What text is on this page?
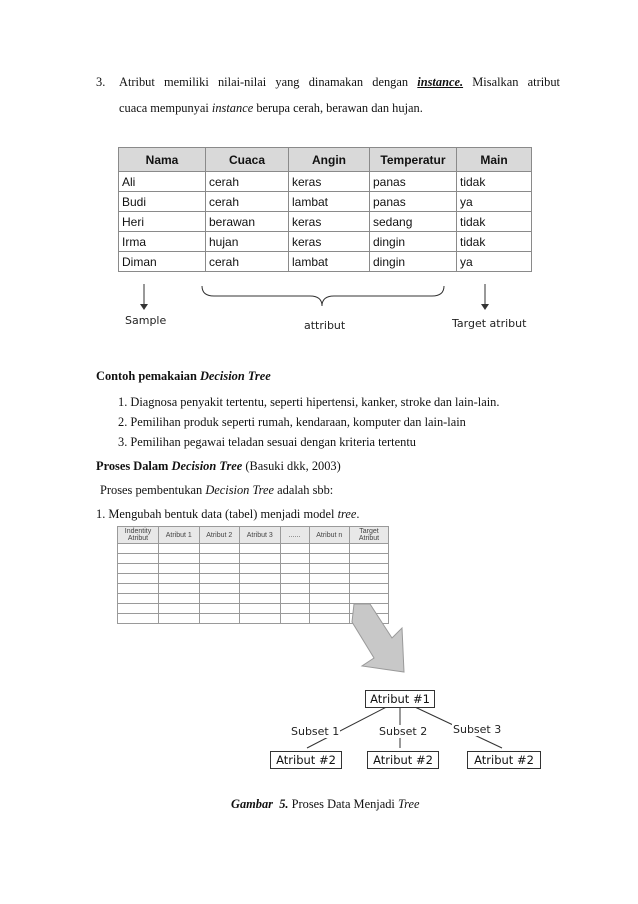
3. Atribut memiliki nilai-nilai yang dinamakan dengan instance. Misalkan atribut
cuaca mempunyai instance berupa cerah, berawan dan hujan.
Nama	Cuaca	Angin	Temperatur	Main
Ali	cerah	keras	panas	tidak
Budi	cerah	lambat	panas	ya
Heri	berawan	keras	sedang	tidak
Irma	hujan	keras	dingin	tidak
Diman	cerah	lambat	dingin	ya
Sample	attribut	Target atribut
Contoh pemakaian Decision Tree
1. Diagnosa penyakit tertentu, seperti hipertensi, kanker, stroke dan lain-lain.
2. Pemilihan produk seperti rumah, kendaraan, komputer dan lain-lain
3. Pemilihan pegawai teladan sesuai dengan kriteria tertentu
Proses Dalam Decision Tree (Basuki dkk, 2003)
Proses pembentukan Decision Tree adalah sbb:
1. Mengubah bentuk data (tabel) menjadi model tree.
Indentity Atribut	Atribut 1	Atribut 2	Atribut 3	......	Atribut n	Target Atribut

Atribut #1
Subset 1	Subset 2 Subset 3
Atribut #2	Atribut #2	Atribut #2
Gambar 5. Proses Data Menjadi Tree
